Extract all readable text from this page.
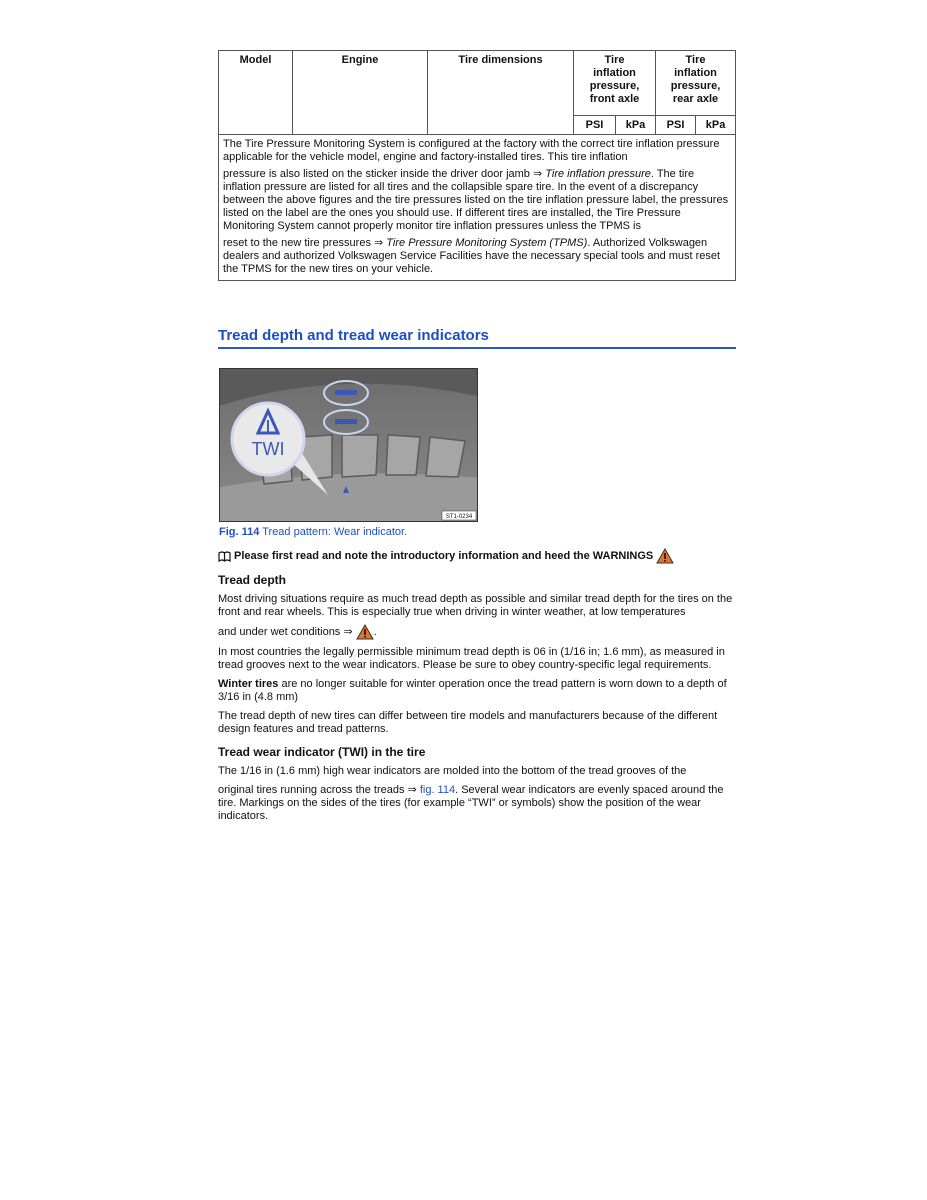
Model	Engine	Tire dimensions	Tire inflation pressure, front axle		Tire inflation pressure, rear axle	
			PSI	kPa	PSI	kPa

The Tire Pressure Monitoring System is configured at the factory with the correct tire inflation pressure applicable for the vehicle model, engine and factory-installed tires. This tire inflation

pressure is also listed on the sticker inside the driver door jamb ⇒ Tire inflation pressure. The tire inflation pressure are listed for all tires and the collapsible spare tire. In the event of a discrepancy between the above figures and the tire pressures listed on the tire inflation pressure label, the pressures listed on the label are the ones you should use. If different tires are installed, the Tire Pressure Monitoring System cannot properly monitor tire inflation pressures unless the TPMS is

reset to the new tire pressures ⇒ Tire Pressure Monitoring System (TPMS). Authorized Volkswagen dealers and authorized Volkswagen Service Facilities have the necessary special tools and must reset the TPMS for the new tires on your vehicle.						

Tread depth and tread wear indicators
|
TWI
ST1-0234
Fig. 114 Tread pattern: Wear indicator.

Please first read and note the introductory information and heed the WARNINGS

Tread depth

Most driving situations require as much tread depth as possible and similar tread depth for the tires on the front and rear wheels. This is especially true when driving in winter weather, at low temperatures

and under wet conditions ⇒ .

In most countries the legally permissible minimum tread depth is 06 in (1/16 in; 1.6 mm), as measured in tread grooves next to the wear indicators. Please be sure to obey country-specific legal requirements.

Winter tires are no longer suitable for winter operation once the tread pattern is worn down to a depth of 3/16 in (4.8 mm)

The tread depth of new tires can differ between tire models and manufacturers because of the different design features and tread patterns.

Tread wear indicator (TWI) in the tire

The 1/16 in (1.6 mm) high wear indicators are molded into the bottom of the tread grooves of the

original tires running across the treads ⇒ fig. 114. Several wear indicators are evenly spaced around the tire. Markings on the sides of the tires (for example “TWI” or symbols) show the position of the wear indicators.
